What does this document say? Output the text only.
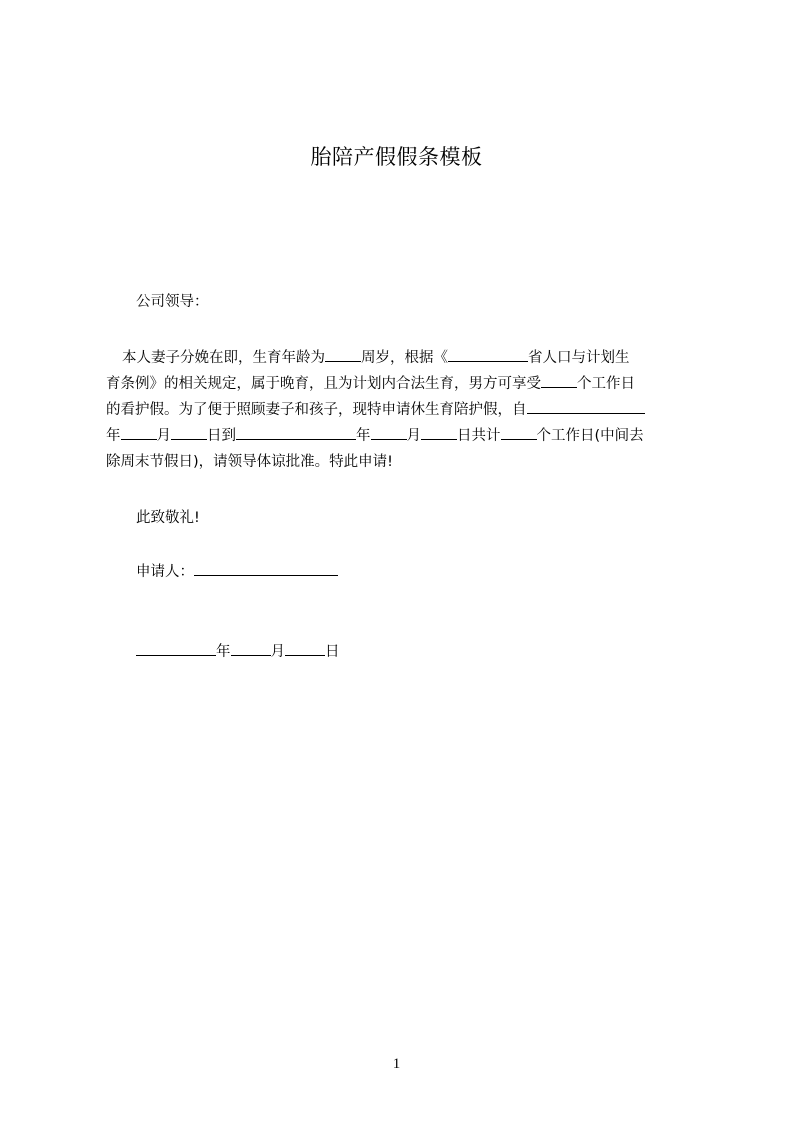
胎陪产假假条模板
公司领导：
本人妻子分娩在即，生育年龄为 周岁，根据《	省人口与计划生
育条例》的相关规定，属于晚育，且为计划内合法生育，男方可享受 个工作日
的看护假。为了便于照顾妻子和孩子，现特申请休生育陪护假，自
年 月 日到	年 月 日共计 个工作日(中间去
除周末节假日)，请领导体谅批准。特此申请!
此致敬礼!
申请人：
年	月	日
1
